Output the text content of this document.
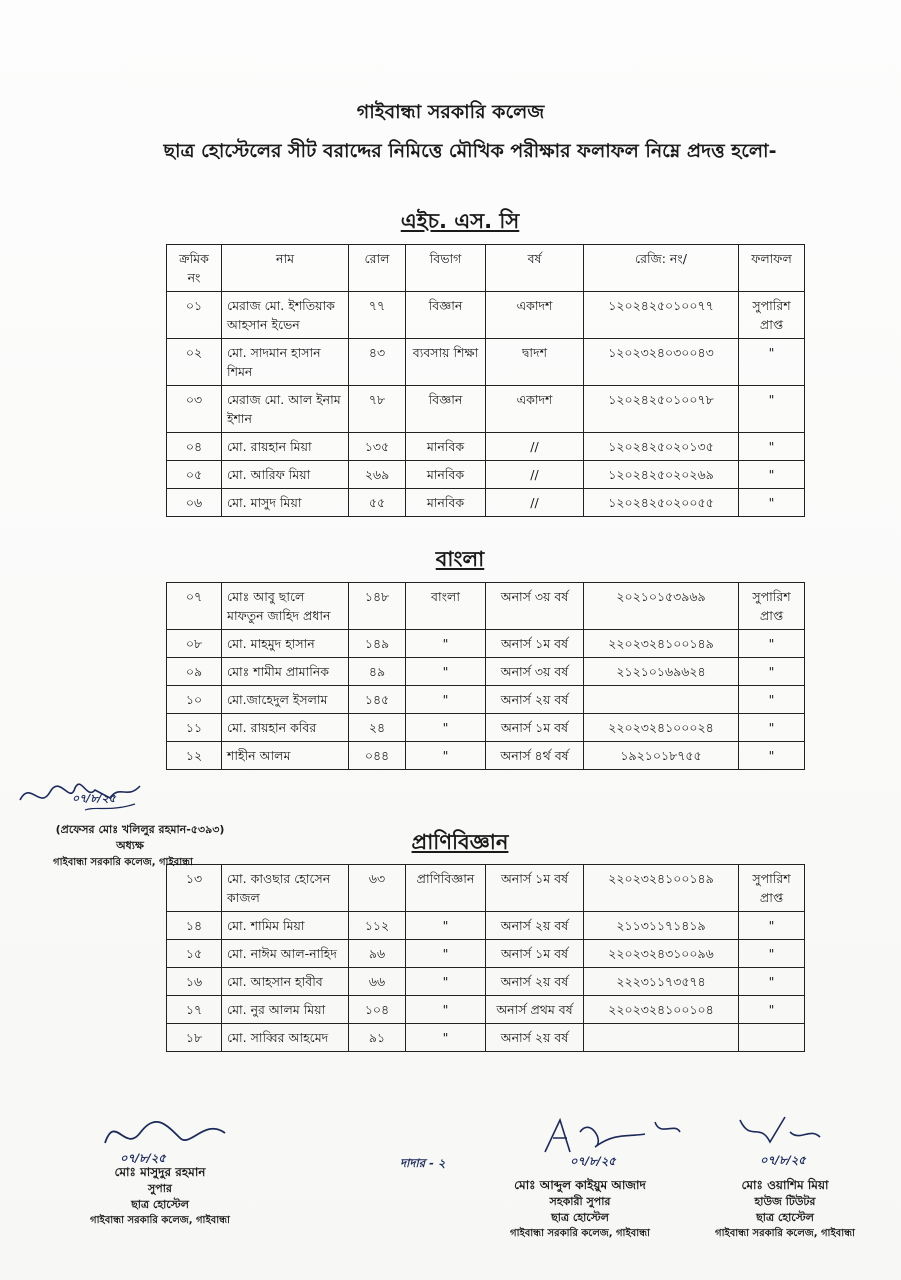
গাইবান্ধা সরকারি কলেজ
ছাত্র হোস্টেলের সীট বরাদ্দের নিমিত্তে মৌখিক পরীক্ষার ফলাফল নিম্নে প্রদত্ত হলো-
এইচ. এস. সি
ক্রমিক নং	নাম	রোল	বিভাগ	বর্ষ	রেজি: নং/	ফলাফল
০১	মেরাজ মো. ইশতিয়াক আহসান ইভেন	৭৭	বিজ্ঞান	একাদশ	১২০২৪২৫০১০০৭৭	সুপারিশ প্রাপ্ত
০২	মো. সাদমান হাসান শিমন	৪৩	ব্যবসায় শিক্ষা	দ্বাদশ	১২০২৩২৪০৩০০৪৩	"
০৩	মেরাজ মো. আল ইনাম ইশান	৭৮	বিজ্ঞান	একাদশ	১২০২৪২৫০১০০৭৮	"
০৪	মো. রায়হান মিয়া	১৩৫	মানবিক	//	১২০২৪২৫০২০১৩৫	"
০৫	মো. আরিফ মিয়া	২৬৯	মানবিক	//	১২০২৪২৫০২০২৬৯	"
০৬	মো. মাসুদ মিয়া	৫৫	মানবিক	//	১২০২৪২৫০২০০৫৫	"
বাংলা
০৭	মোঃ আবু ছালে মাফতুন জাহিদ প্রধান	১৪৮	বাংলা	অনার্স ৩য় বর্ষ	২০২১০১৫৩৯৬৯	সুপারিশ প্রাপ্ত
০৮	মো. মাহমুদ হাসান	১৪৯	"	অনার্স ১ম বর্ষ	২২০২৩২৪১০০১৪৯	"
০৯	মোঃ শামীম প্রামানিক	৪৯	"	অনার্স ৩য় বর্ষ	২১২১০১৬৯৬২৪	"
১০	মো.জাহেদুল ইসলাম	১৪৫	"	অনার্স ২য় বর্ষ		"
১১	মো. রায়হান কবির	২৪	"	অনার্স ১ম বর্ষ	২২০২৩২৪১০০০২৪	"
১২	শাহীন আলম	০৪৪	"	অনার্স ৪র্থ বর্ষ	১৯২১০১৮৭৫৫	"
প্রাণিবিজ্ঞান
১৩	মো. কাওছার হোসেন কাজল	৬৩	প্রাণিবিজ্ঞান	অনার্স ১ম বর্ষ	২২০২৩২৪১০০১৪৯	সুপারিশ প্রাপ্ত
১৪	মো. শামিম মিয়া	১১২	"	অনার্স ২য় বর্ষ	২১১৩১১৭১৪১৯	"
১৫	মো. নাঈম আল-নাহিদ	৯৬	"	অনার্স ১ম বর্ষ	২২০২৩২৪৩১০০৯৬	"
১৬	মো. আহসান হাবীব	৬৬	"	অনার্স ২য় বর্ষ	২২২৩১১৭৩৫৭৪	"
১৭	মো. নুর আলম মিয়া	১০৪	"	অনার্স প্রথম বর্ষ	২২০২৩২৪১০০১০৪	"
১৮	মো. সাব্বির আহমেদ	৯১	"	অনার্স ২য় বর্ষ		
০৭/৮/২৫
(প্রফেসর মোঃ খলিলুর রহমান-৫৩৯৩)
অধ্যক্ষ
গাইবান্ধা সরকারি কলেজ, গাইবান্ধা
০৭/৮/২৫
মোঃ মাসুদুর রহমান
সুপার
ছাত্র হোস্টেল
গাইবান্ধা সরকারি কলেজ, গাইবান্ধা
দাদার - ২	০৭/৮/২৫
মোঃ আব্দুল কাইয়ুম আজাদ
সহকারী সুপার
ছাত্র হোস্টেল
গাইবান্ধা সরকারি কলেজ, গাইবান্ধা
০৭/৮/২৫
মোঃ ওয়াশিম মিয়া
হাউজ টিউটর
ছাত্র হোস্টেল
গাইবান্ধা সরকারি কলেজ, গাইবান্ধা
